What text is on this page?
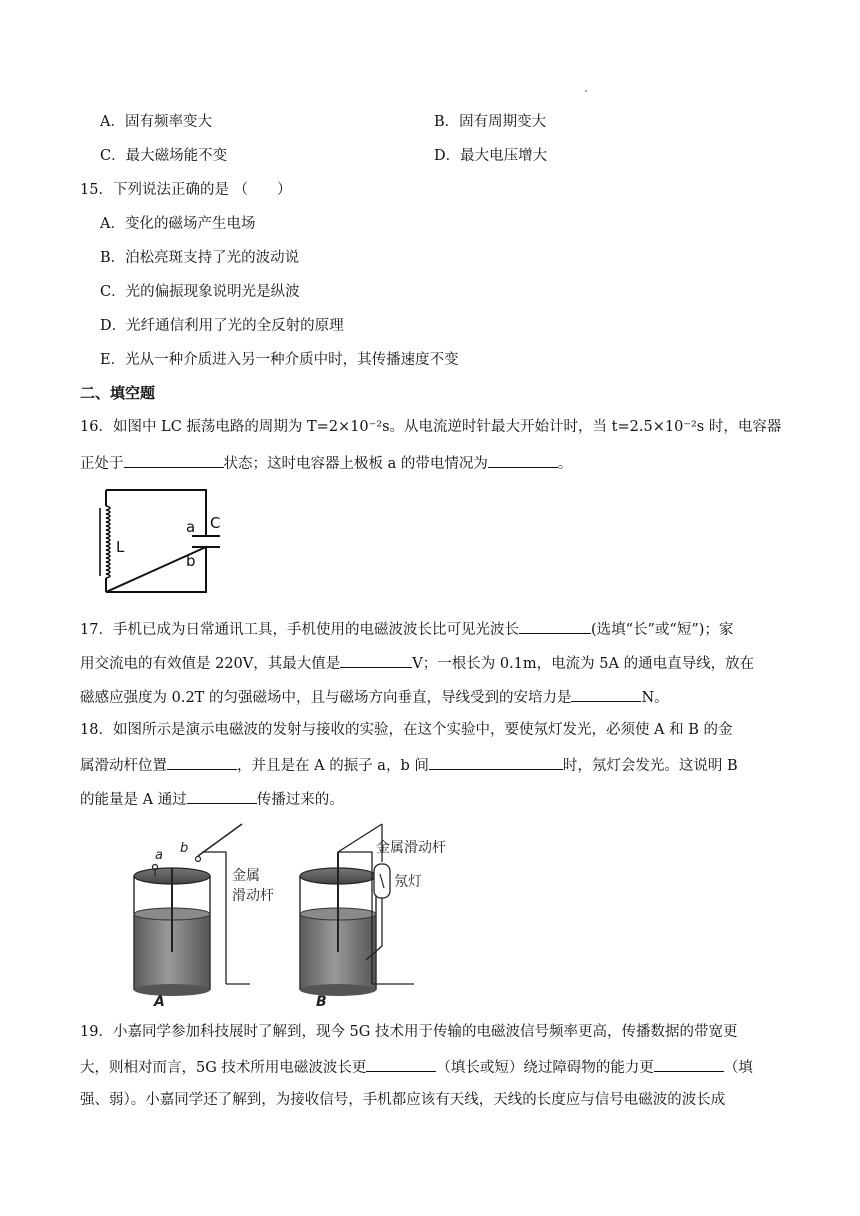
A．固有频率变大	B．固有周期变大
C．最大磁场能不变	D．最大电压增大
15．下列说法正确的是 （　　）
A．变化的磁场产生电场
B．泊松亮斑支持了光的波动说
C．光的偏振现象说明光是纵波
D．光纤通信利用了光的全反射的原理
E．光从一种介质进入另一种介质中时，其传播速度不变
二、填空题
16．如图中 LC 振荡电路的周期为 T=2×10⁻²s。从电流逆时针最大开始计时，当 t=2.5×10⁻²s 时，电容器
正处于	状态；这时电容器上极板 a 的带电情况为	。
L
a C
b
17．手机已成为日常通讯工具，手机使用的电磁波波长比可见光波长	(选填“长”或“短”)；家
用交流电的有效值是 220V，其最大值是	V；一根长为 0.1m，电流为 5A 的通电直导线，放在
磁感应强度为 0.2T 的匀强磁场中，且与磁场方向垂直，导线受到的安培力是	N。
18．如图所示是演示电磁波的发射与接收的实验，在这个实验中，要使氖灯发光，必须使 A 和 B 的金
属滑动杆位置	，并且是在 A 的振子 a，b 间	时，氖灯会发光。这说明 B
的能量是 A 通过	传播过来的。
a b
金属
滑动杆
A
金属滑动杆
氖灯
B
19．小嘉同学参加科技展时了解到，现今 5G 技术用于传输的电磁波信号频率更高，传播数据的带宽更
大，则相对而言，5G 技术所用电磁波波长更	（填长或短）绕过障碍物的能力更	（填
强、弱）。小嘉同学还了解到，为接收信号，手机都应该有天线，天线的长度应与信号电磁波的波长成
